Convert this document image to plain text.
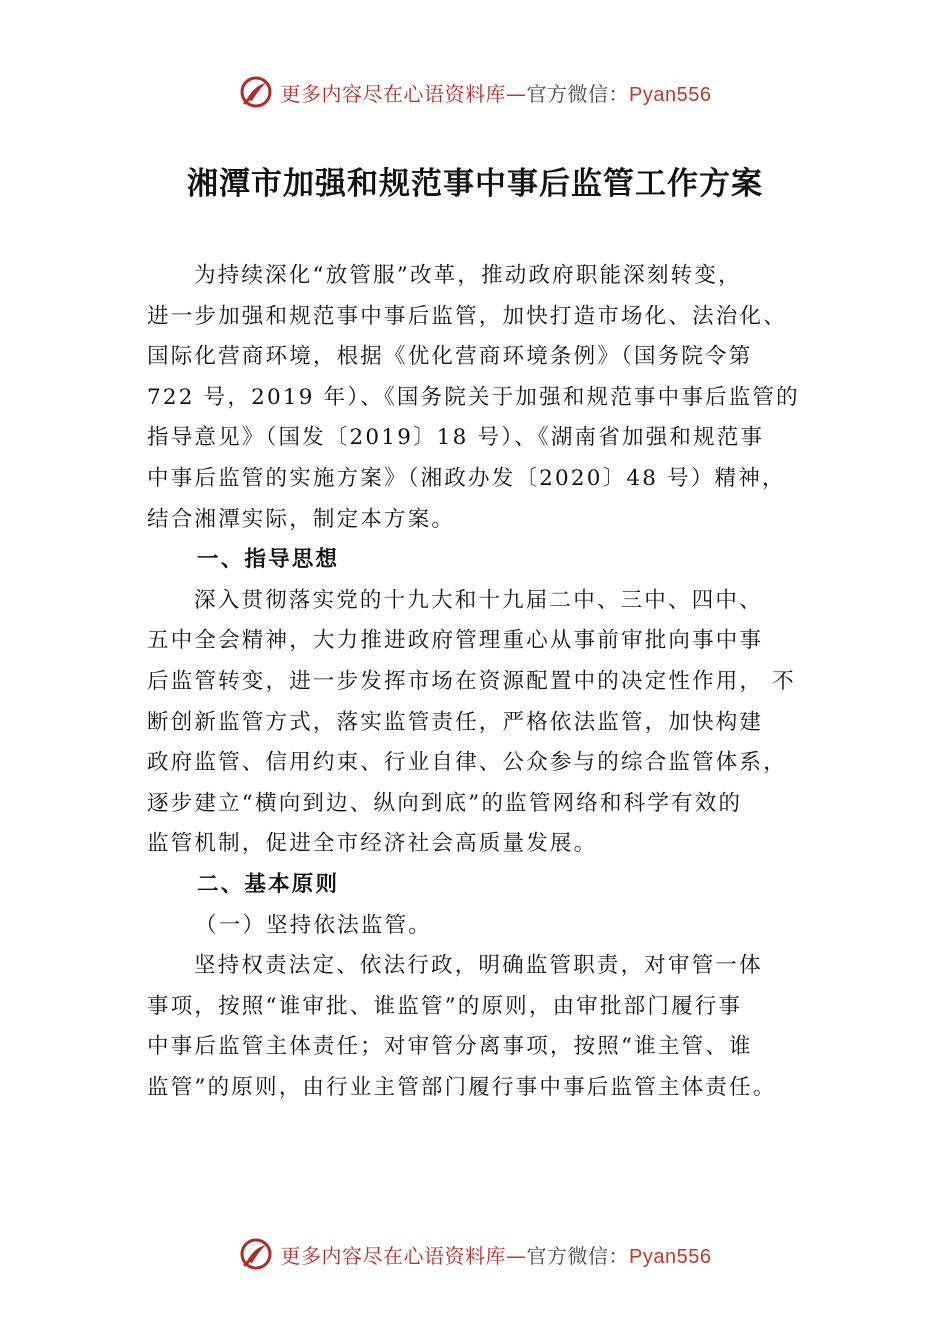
更多内容尽在心语资料库—官方微信：Pyan556
湘潭市加强和规范事中事后监管工作方案
为持续深化“放管服”改革，推动政府职能深刻转变，
进一步加强和规范事中事后监管，加快打造市场化、法治化、
国际化营商环境，根据《优化营商环境条例》（国务院令第
722 号，2019 年）、《国务院关于加强和规范事中事后监管的
指导意见》（国发〔2019〕18 号）、《湖南省加强和规范事
中事后监管的实施方案》（湘政办发〔2020〕48 号）精神，
结合湘潭实际，制定本方案。
一、指导思想
深入贯彻落实党的十九大和十九届二中、三中、四中、
五中全会精神，大力推进政府管理重心从事前审批向事中事
后监管转变，进一步发挥市场在资源配置中的决定性作用， 不
断创新监管方式，落实监管责任，严格依法监管，加快构建
政府监管、信用约束、行业自律、公众参与的综合监管体系，
逐步建立“横向到边、纵向到底”的监管网络和科学有效的
监管机制，促进全市经济社会高质量发展。
二、基本原则
（一）坚持依法监管。
坚持权责法定、依法行政，明确监管职责，对审管一体
事项，按照“谁审批、谁监管”的原则，由审批部门履行事
中事后监管主体责任；对审管分离事项，按照“谁主管、谁
监管”的原则，由行业主管部门履行事中事后监管主体责任。
更多内容尽在心语资料库—官方微信：Pyan556
